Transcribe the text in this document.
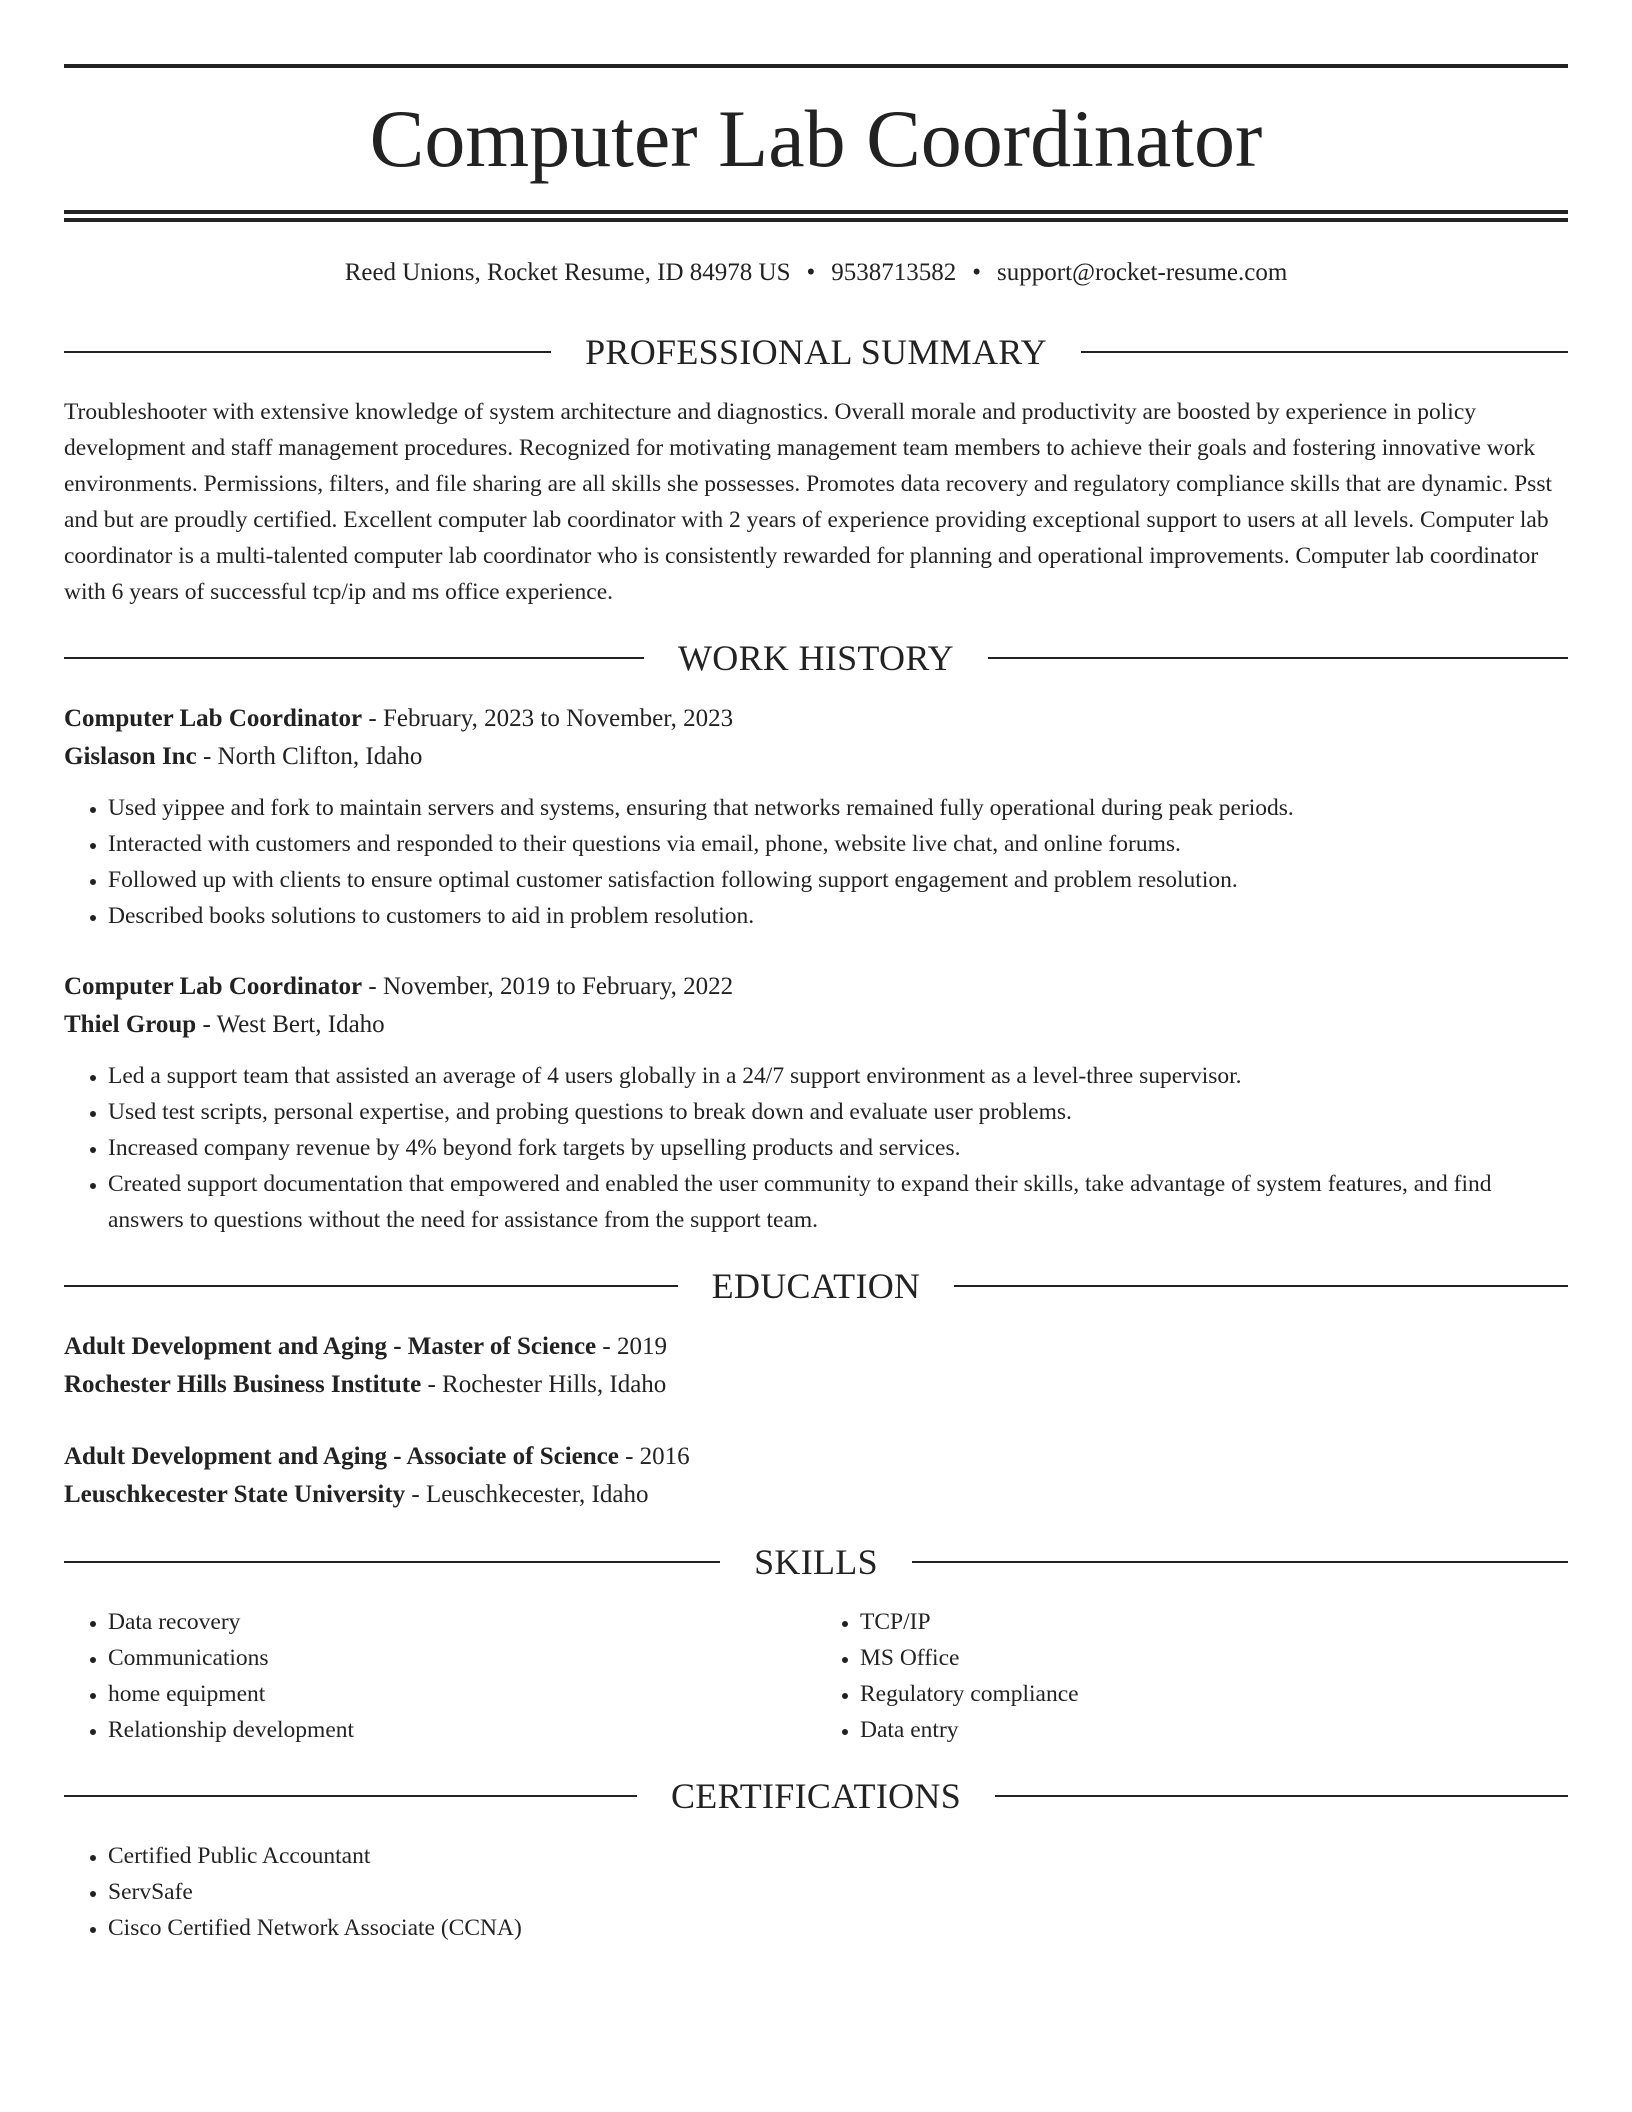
Computer Lab Coordinator
Reed Unions, Rocket Resume, ID 84978 US • 9538713582 • support@rocket-resume.com
PROFESSIONAL SUMMARY

Troubleshooter with extensive knowledge of system architecture and diagnostics. Overall morale and productivity are boosted by experience in policy development and staff management procedures. Recognized for motivating management team members to achieve their goals and fostering innovative work environments. Permissions, filters, and file sharing are all skills she possesses. Promotes data recovery and regulatory compliance skills that are dynamic. Psst and but are proudly certified. Excellent computer lab coordinator with 2 years of experience providing exceptional support to users at all levels. Computer lab coordinator is a multi-talented computer lab coordinator who is consistently rewarded for planning and operational improvements. Computer lab coordinator with 6 years of successful tcp/ip and ms office experience.

WORK HISTORY
Computer Lab Coordinator - February, 2023 to November, 2023
Gislason Inc - North Clifton, Idaho
• Used yippee and fork to maintain servers and systems, ensuring that networks remained fully operational during peak periods.
• Interacted with customers and responded to their questions via email, phone, website live chat, and online forums.
• Followed up with clients to ensure optimal customer satisfaction following support engagement and problem resolution.
• Described books solutions to customers to aid in problem resolution.
Computer Lab Coordinator - November, 2019 to February, 2022
Thiel Group - West Bert, Idaho
• Led a support team that assisted an average of 4 users globally in a 24/7 support environment as a level-three supervisor.
• Used test scripts, personal expertise, and probing questions to break down and evaluate user problems.
• Increased company revenue by 4% beyond fork targets by upselling products and services.
• Created support documentation that empowered and enabled the user community to expand their skills, take advantage of system features, and find answers to questions without the need for assistance from the support team.
EDUCATION
Adult Development and Aging - Master of Science - 2019
Rochester Hills Business Institute - Rochester Hills, Idaho
Adult Development and Aging - Associate of Science - 2016
Leuschkecester State University - Leuschkecester, Idaho
SKILLS
• Data recovery
• Communications
• home equipment
• Relationship development
• TCP/IP
• MS Office
• Regulatory compliance
• Data entry
CERTIFICATIONS
• Certified Public Accountant
• ServSafe
• Cisco Certified Network Associate (CCNA)
